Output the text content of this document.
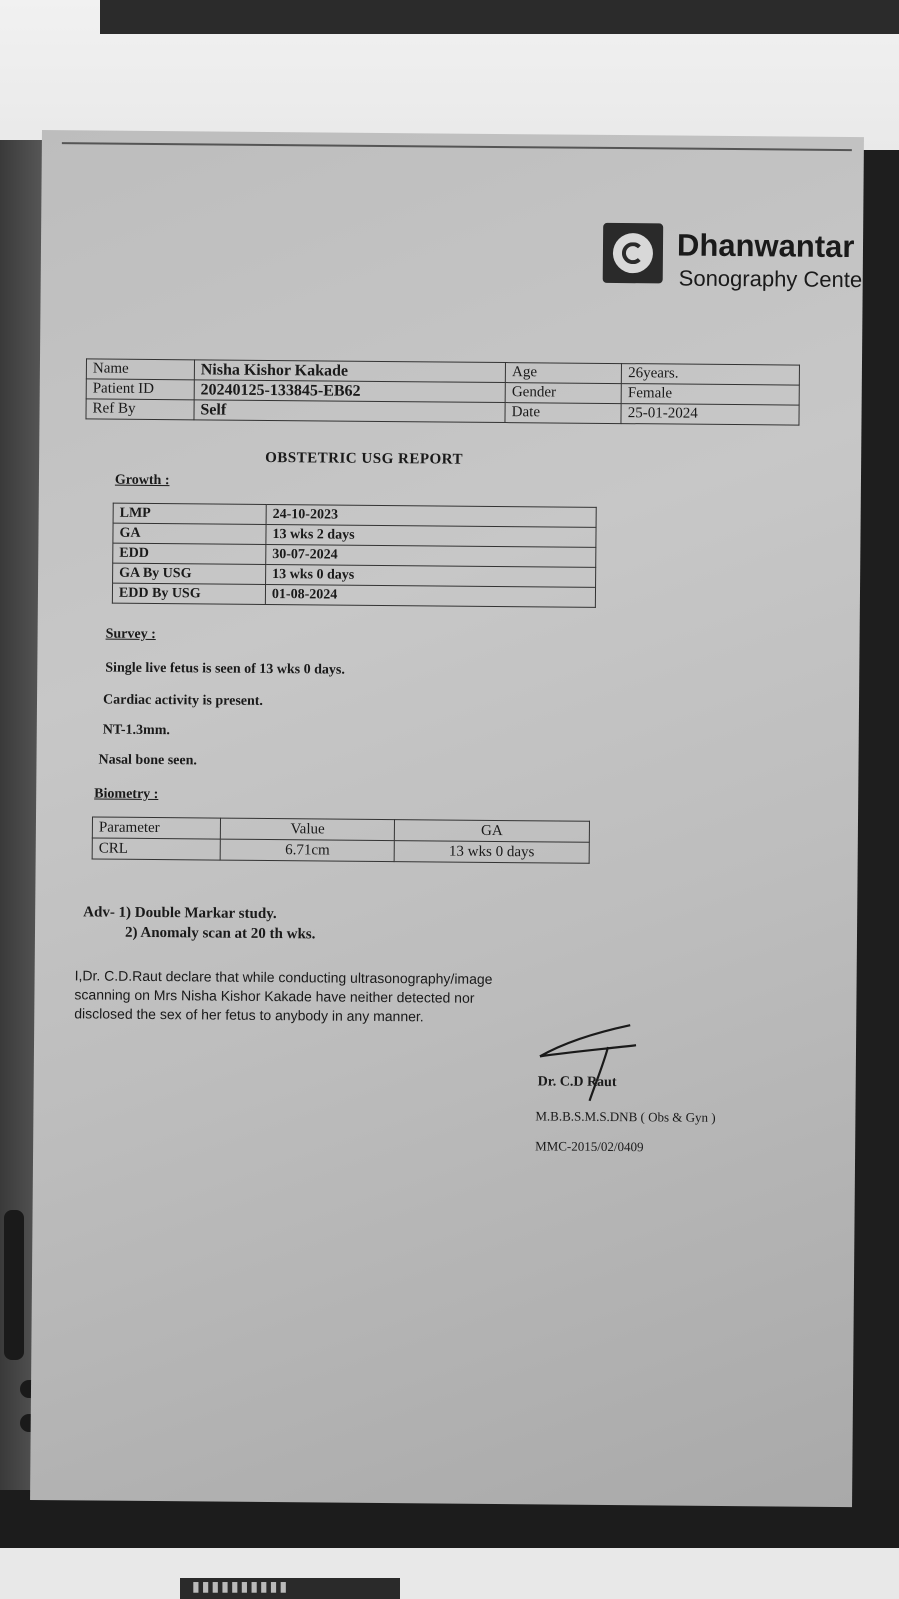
▮▮▮▮▮▮▮▮▮▮
Dhanwantar
Sonography Cente
Name	Nisha Kishor Kakade	Age	26years.
Patient ID	20240125-133845-EB62	Gender	Female
Ref By	Self	Date	25-01-2024
OBSTETRIC USG REPORT
Growth :
LMP	24-10-2023
GA	13 wks 2 days
EDD	30-07-2024
GA By USG	13 wks 0 days
EDD By USG	01-08-2024
Survey :
Single live fetus is seen of 13 wks 0 days.
Cardiac activity is present.
NT-1.3mm.
Nasal bone seen.
Biometry :
Parameter	Value	GA
CRL	6.71cm	13 wks 0 days
Adv- 1) Double Markar study.
2) Anomaly scan at 20 th wks.
I,Dr. C.D.Raut declare that while conducting ultrasonography/image
scanning on Mrs Nisha Kishor Kakade have neither detected nor
disclosed the sex of her fetus to anybody in any manner.
Dr. C.D Raut
M.B.B.S.M.S.DNB ( Obs & Gyn )
MMC-2015/02/0409
